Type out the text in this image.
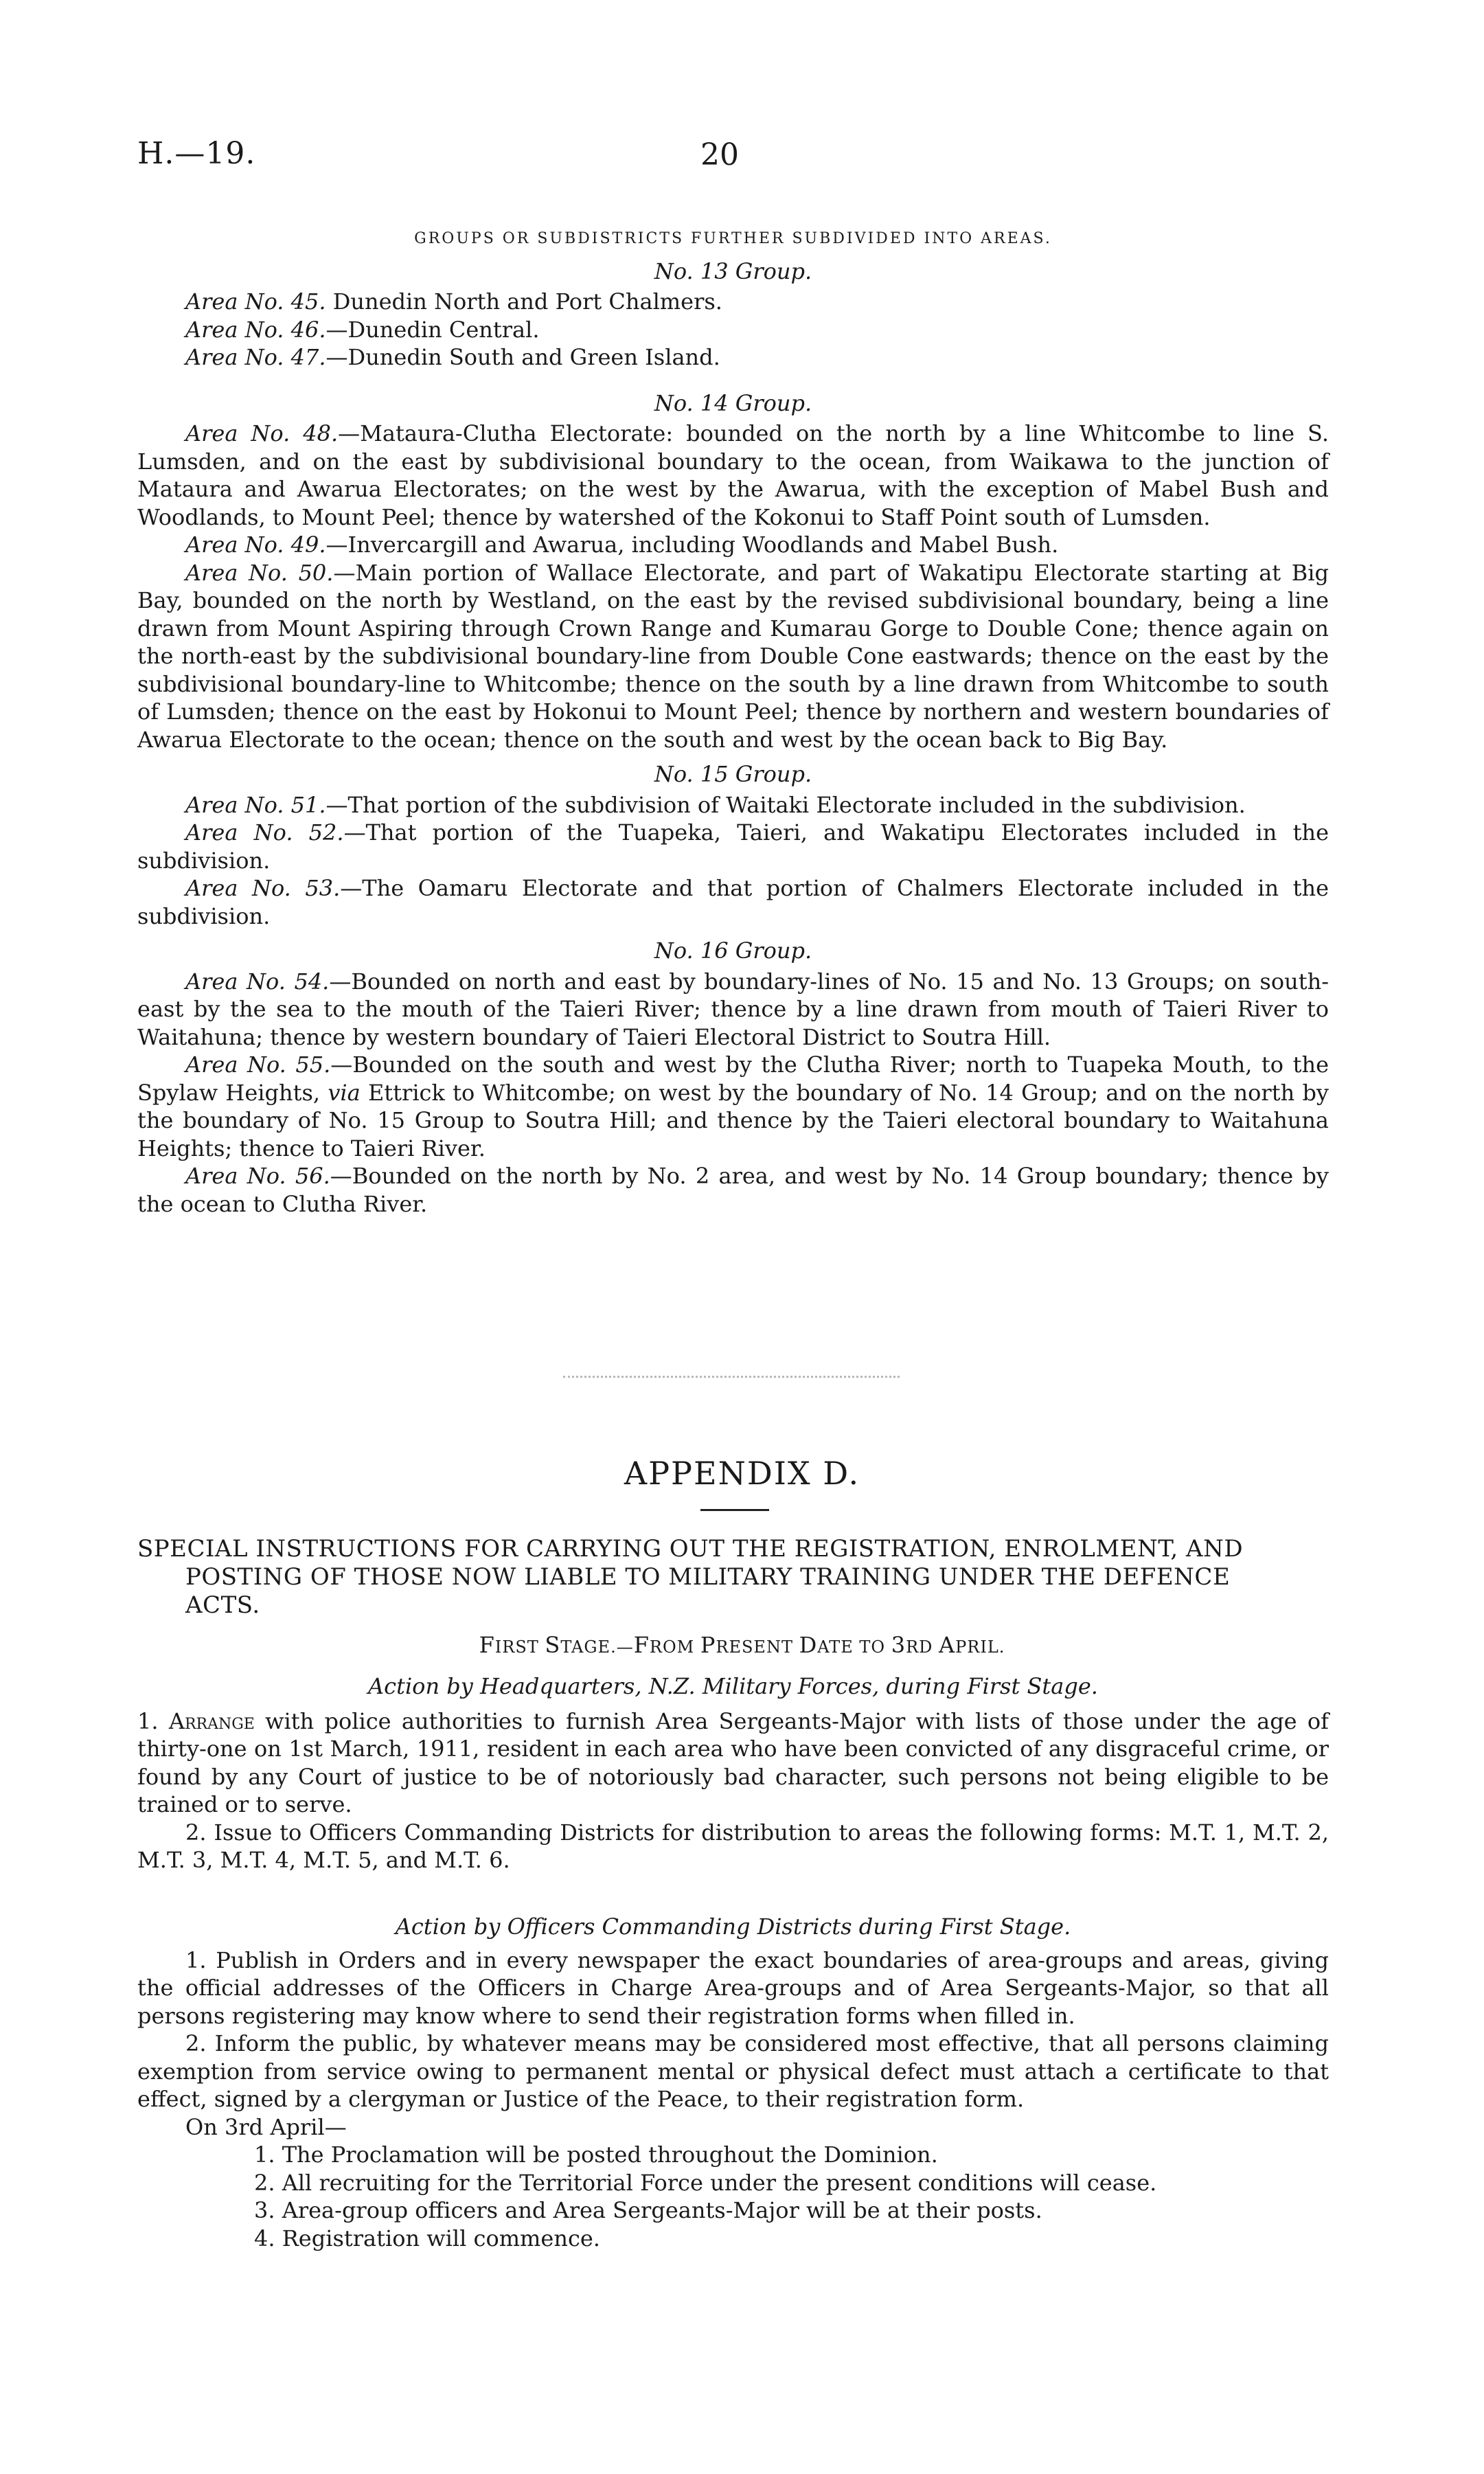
H.—19.	20
GROUPS OR SUBDISTRICTS FURTHER SUBDIVIDED INTO AREAS.
No. 13 Group.
Area No. 45. Dunedin North and Port Chalmers.
Area No. 46.—Dunedin Central.
Area No. 47.—Dunedin South and Green Island.
No. 14 Group.

Area No. 48.—Mataura-Clutha Electorate: bounded on the north by a line Whitcombe to line S. Lumsden, and on the east by subdivisional boundary to the ocean, from Waikawa to the junction of Mataura and Awarua Electorates; on the west by the Awarua, with the exception of Mabel Bush and Woodlands, to Mount Peel; thence by watershed of the Kokonui to Staff Point south of Lumsden.

Area No. 49.—Invercargill and Awarua, including Woodlands and Mabel Bush.

Area No. 50.—Main portion of Wallace Electorate, and part of Wakatipu Electorate starting at Big Bay, bounded on the north by Westland, on the east by the revised subdivisional boundary, being a line drawn from Mount Aspiring through Crown Range and Kumarau Gorge to Double Cone; thence again on the north-east by the subdivisional boundary-line from Double Cone eastwards; thence on the east by the subdivisional boundary-line to Whitcombe; thence on the south by a line drawn from Whitcombe to south of Lumsden; thence on the east by Hokonui to Mount Peel; thence by northern and western boundaries of Awarua Electorate to the ocean; thence on the south and west by the ocean back to Big Bay.

No. 15 Group.

Area No. 51.—That portion of the subdivision of Waitaki Electorate included in the subdivision.

Area No. 52.—That portion of the Tuapeka, Taieri, and Wakatipu Electorates included in the subdivision.

Area No. 53.—The Oamaru Electorate and that portion of Chalmers Electorate included in the subdivision.

No. 16 Group.

Area No. 54.—Bounded on north and east by boundary-lines of No. 15 and No. 13 Groups; on south-east by the sea to the mouth of the Taieri River; thence by a line drawn from mouth of Taieri River to Waitahuna; thence by western boundary of Taieri Electoral District to Soutra Hill.

Area No. 55.—Bounded on the south and west by the Clutha River; north to Tuapeka Mouth, to the Spylaw Heights, via Ettrick to Whitcombe; on west by the boundary of No. 14 Group; and on the north by the boundary of No. 15 Group to Soutra Hill; and thence by the Taieri electoral boundary to Waitahuna Heights; thence to Taieri River.

Area No. 56.—Bounded on the north by No. 2 area, and west by No. 14 Group boundary; thence by the ocean to Clutha River.

APPENDIX D.
SPECIAL INSTRUCTIONS FOR CARRYING OUT THE REGISTRATION, ENROLMENT, AND
POSTING OF THOSE NOW LIABLE TO MILITARY TRAINING UNDER THE DEFENCE
ACTS.
FIRST STAGE.—FROM PRESENT DATE TO 3RD APRIL.
Action by Headquarters, N.Z. Military Forces, during First Stage.

1. Arrange with police authorities to furnish Area Sergeants-Major with lists of those under the age of thirty-one on 1st March, 1911, resident in each area who have been convicted of any disgraceful crime, or found by any Court of justice to be of notoriously bad character, such persons not being eligible to be trained or to serve.

2. Issue to Officers Commanding Districts for distribution to areas the following forms: M.T. 1, M.T. 2, M.T. 3, M.T. 4, M.T. 5, and M.T. 6.

Action by Officers Commanding Districts during First Stage.

1. Publish in Orders and in every newspaper the exact boundaries of area-groups and areas, giving the official addresses of the Officers in Charge Area-groups and of Area Sergeants-Major, so that all persons registering may know where to send their registration forms when filled in.

2. Inform the public, by whatever means may be considered most effective, that all persons claiming exemption from service owing to permanent mental or physical defect must attach a certificate to that effect, signed by a clergyman or Justice of the Peace, to their registration form.

On 3rd April—
1. The Proclamation will be posted throughout the Dominion.
2. All recruiting for the Territorial Force under the present conditions will cease.
3. Area-group officers and Area Sergeants-Major will be at their posts.
4. Registration will commence.
